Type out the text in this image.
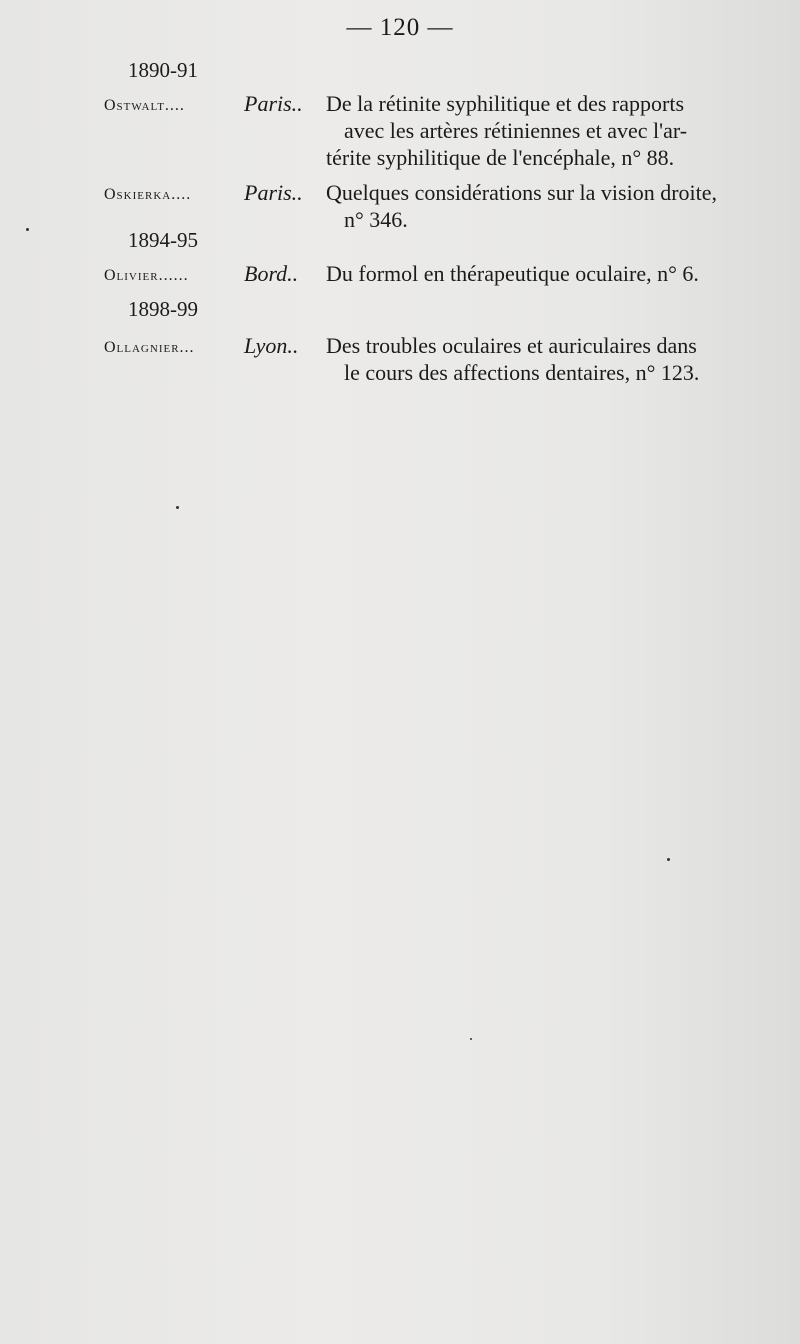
— 120 —
1890-91
Ostwalt....	Paris.. De la rétinite syphilitique et des rapports
avec les artères rétiniennes et avec l'ar-
térite syphilitique de l'encéphale, n° 88.
Oskierka.... Paris.. Quelques considérations sur la vision droite,
n° 346.
1894-95
Olivier......	Bord.. Du formol en thérapeutique oculaire, n° 6.
1898-99
Ollagnier... Lyon.. Des troubles oculaires et auriculaires dans
le cours des affections dentaires, n° 123.
